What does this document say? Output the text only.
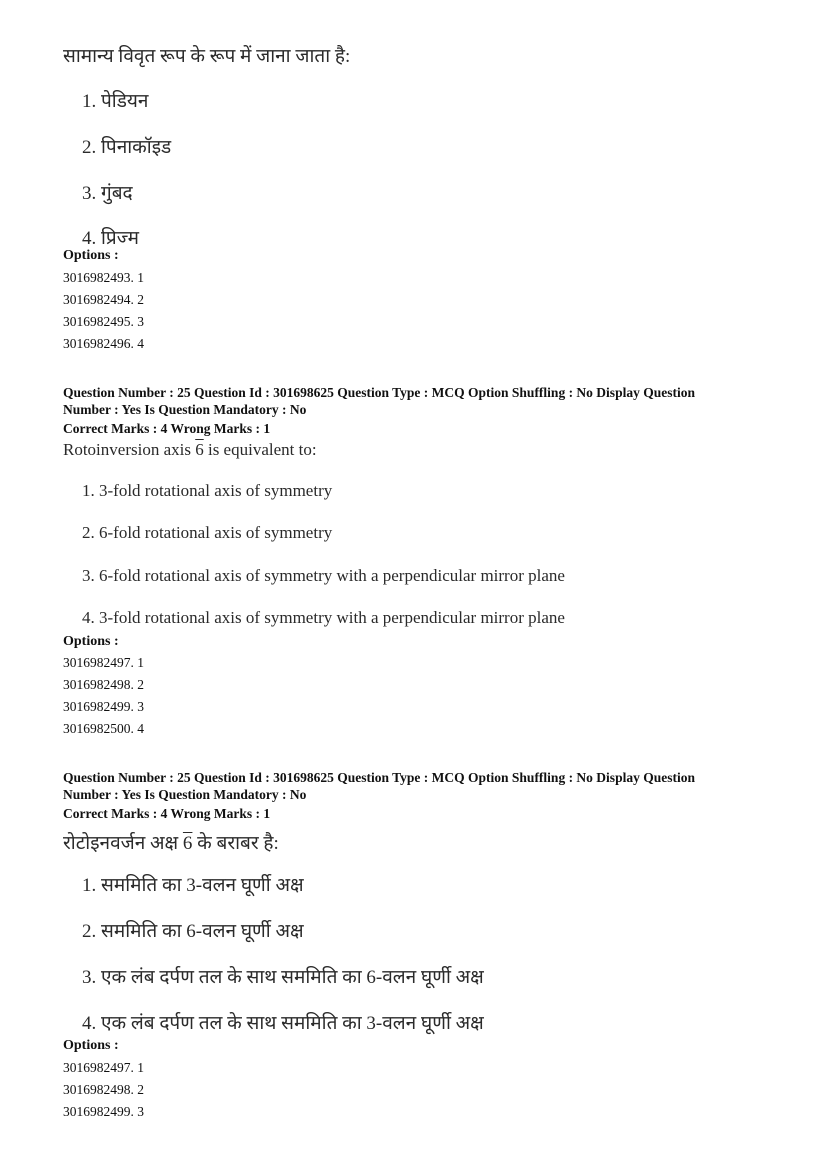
सामान्य विवृत रूप के रूप में जाना जाता है:
1. पेडियन
2. पिनाकॉइड
3. गुंबद
4. प्रिज्म
Options :
3016982493. 1
3016982494. 2
3016982495. 3
3016982496. 4
Question Number : 25 Question Id : 301698625 Question Type : MCQ Option Shuffling : No Display Question
Number : Yes Is Question Mandatory : No
Correct Marks : 4 Wrong Marks : 1
Rotoinversion axis 6 is equivalent to:
1. 3-fold rotational axis of symmetry
2. 6-fold rotational axis of symmetry
3. 6-fold rotational axis of symmetry with a perpendicular mirror plane
4. 3-fold rotational axis of symmetry with a perpendicular mirror plane
Options :
3016982497. 1
3016982498. 2
3016982499. 3
3016982500. 4
Question Number : 25 Question Id : 301698625 Question Type : MCQ Option Shuffling : No Display Question
Number : Yes Is Question Mandatory : No
Correct Marks : 4 Wrong Marks : 1
रोटोइनवर्जन अक्ष 6 के बराबर है:
1. सममिति का 3-वलन घूर्णी अक्ष
2. सममिति का 6-वलन घूर्णी अक्ष
3. एक लंब दर्पण तल के साथ सममिति का 6-वलन घूर्णी अक्ष
4. एक लंब दर्पण तल के साथ सममिति का 3-वलन घूर्णी अक्ष
Options :
3016982497. 1
3016982498. 2
3016982499. 3
